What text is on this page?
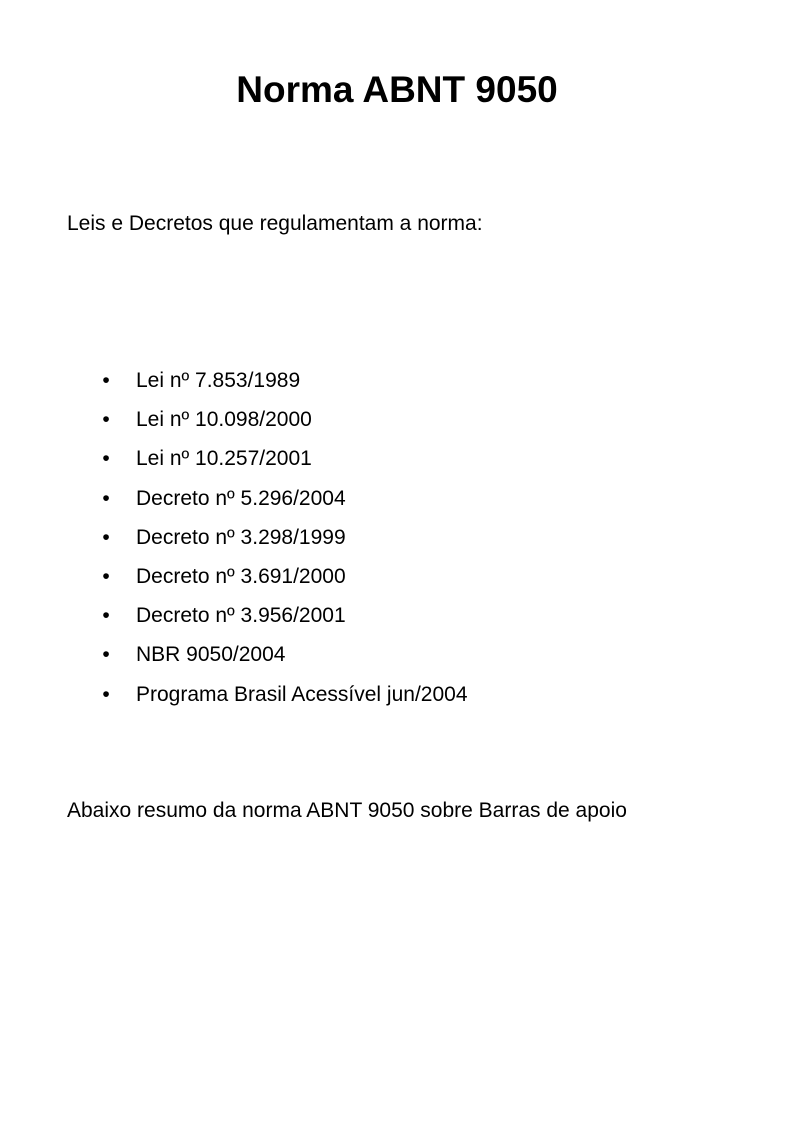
Norma ABNT 9050

Leis e Decretos que regulamentam a norma:

• Lei nº 7.853/1989
• Lei nº 10.098/2000
• Lei nº 10.257/2001
• Decreto nº 5.296/2004
• Decreto nº 3.298/1999
• Decreto nº 3.691/2000
• Decreto nº 3.956/2001
• NBR 9050/2004
• Programa Brasil Acessível jun/2004

Abaixo resumo da norma ABNT 9050 sobre Barras de apoio
